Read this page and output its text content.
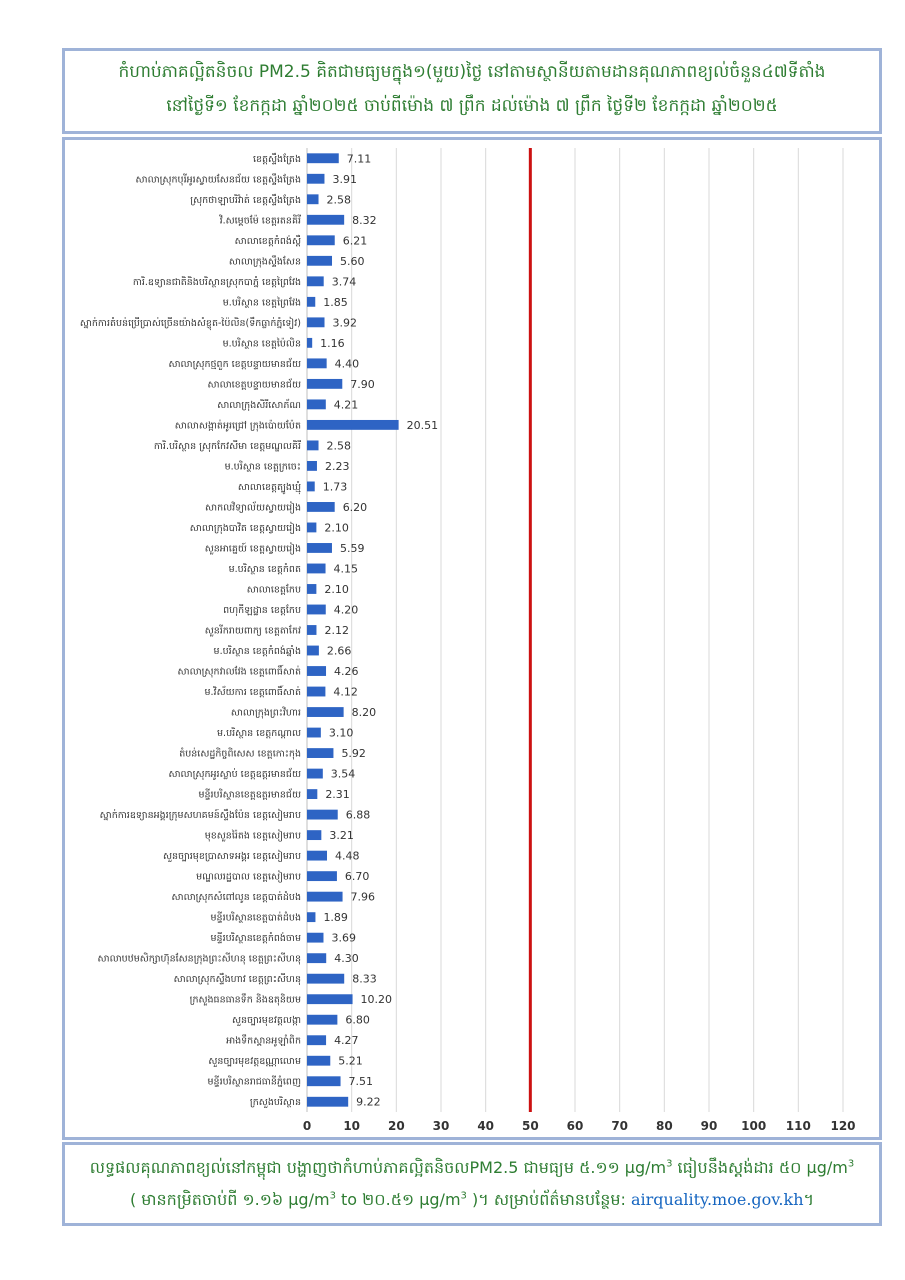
កំហាប់ភាគល្អិតនិចល PM2.5 គិតជាមធ្យមក្នុង១(មួយ)ថ្ងៃ នៅតាមស្ថានីយតាមដានគុណភាពខ្យល់ចំនួន៤៧ទីតាំង
នៅថ្ងៃទី១ ខែកក្កដា ឆ្នាំ២០២៥ ចាប់ពីម៉ោង ៧ ព្រឹក ដល់ម៉ោង ៧ ព្រឹក ថ្ងៃទី២ ខែកក្កដា ឆ្នាំ២០២៥
ខេត្តស្ទឹងត្រែង	7.11
សាលាស្រុកបុរីអូរស្វាយសែនជ័យ ខេត្តស្ទឹងត្រែង	3.91
ស្រុកថាឡាបរិវ៉ាត់ ខេត្តស្ទឹងត្រែង 2.58
វិ.សម្តេចម៉ែ ខេត្តរតនគិរី	8.32
សាលាខេត្តកំពង់ស្ពឺ	6.21
សាលាក្រុងស្ទឹងសែន	5.60
ការិ.ឧទ្យានជាតិនិងបរិស្ថានស្រុកបាភ្នំ ខេត្តព្រៃវែង	3.74
ម.បរិស្ថាន ខេត្តព្រៃវែង 1.85
ស្នាក់ការតំបន់ប្រើប្រាស់ច្រើនយ៉ាងសំខ្ញុត-ប៉ៃលិន(ទឹកធ្លាក់ភ្នំទៀវ)	3.92
ម.បរិស្ថាន ខេត្តប៉ៃលិន 1.16
សាលាស្រុកថ្មពួក ខេត្តបន្ទាយមានជ័យ	4.40
សាលាខេត្តបន្ទាយមានជ័យ	7.90
សាលាក្រុងសិរីសោភ័ណ	4.21
សាលាសង្កាត់អូរជ្រៅ ក្រុងប៉ោយប៉ែត	20.51
ការិ.បរិស្ថាន ស្រុកកែវសីមា ខេត្តមណ្ឌលគិរី 2.58
ម.បរិស្ថាន ខេត្តក្រចេះ 2.23
សាលាខេត្តត្បូងឃ្មុំ 1.73
សាកលវិទ្យាល័យស្វាយរៀង	6.20
សាលាក្រុងបាវិត ខេត្តស្វាយរៀង 2.10
សួនអាគ្នេយ៍ ខេត្តស្វាយរៀង	5.59
ម.បរិស្ថាន ខេត្តកំពត	4.15
សាលាខេត្តកែប 2.10
ពហុកីឡដ្ឋាន ខេត្តកែប	4.20
សួនរីករាយពាក្យ ខេត្តតាកែវ 2.12
ម.បរិស្ថាន ខេត្តកំពង់ឆ្នាំង 2.66
សាលាស្រុកវាលវែង ខេត្តពោធិ៍សាត់	4.26
ម.វិស័យការ ខេត្តពោធិ៍សាត់	4.12
សាលាក្រុងព្រះវិហារ	8.20
ម.បរិស្ថាន ខេត្តកណ្តាល	3.10
តំបន់សេដ្ឋកិច្ចពិសេស ខេត្តកោះកុង	5.92
សាលាស្រុកអូរស្លាប់ ខេត្តឧត្តរមានជ័យ	3.54
មន្ទីរបរិស្ថានខេត្តឧត្តរមានជ័យ 2.31
ស្នាក់ការឧទ្យានអង្គរក្រុមសហគមន៍ស្ទឹងប៉ែន ខេត្តសៀមរាប	6.88
មុខសួនរ៉ៃតង ខេត្តសៀមរាប	3.21
សួនច្បារមុខប្រាសាទអង្គរ ខេត្តសៀមរាប	4.48
មណ្ឌលរដ្ឋបាល ខេត្តសៀមរាប	6.70
សាលាស្រុកសំពៅលូន ខេត្តបាត់ដំបង	7.96
មន្ទីរបរិស្ថានខេត្តបាត់ដំបង 1.89
មន្ទីរបរិស្ថានខេត្តកំពង់ចាម	3.69
សាលាបឋមសិក្សាហ៊ុនសែនក្រុងព្រះសីហនុ ខេត្តព្រះសីហនុ	4.30
សាលាស្រុកស្ទឹងហាវ ខេត្តព្រះសីហនុ	8.33
ក្រសួងធនធានទឹក និងឧតុនិយម	10.20
សួនច្បារមុខវត្តលង្កា	6.80
អាងទឹកស្ពានអូឡាំពិក	4.27
សួនច្បារមុខវត្តឧណ្ណាលោម	5.21
មន្ទីរបរិស្ថានរាជធានីភ្នំពេញ	7.51
ក្រសួងបរិស្ថាន	9.22
0	10 20 30 40 50 60 70 80 90 100 110 120
លទ្ធផលគុណភាពខ្យល់នៅកម្ពុជា បង្ហាញថាកំហាប់ភាគល្អិតនិចលPM2.5 ជាមធ្យម ៥.១១ $\mu g/m^3$ ធៀបនឹងស្តង់ដារ ៥០ $\mu g/m^3$
( មានកម្រិតចាប់ពី ១.១៦ $\mu g/m^3$ to ២០.៥១ $\mu g/m^3$ )។ សម្រាប់ព័ត៌មានបន្ថែម: airquality.moe.gov.kh។
